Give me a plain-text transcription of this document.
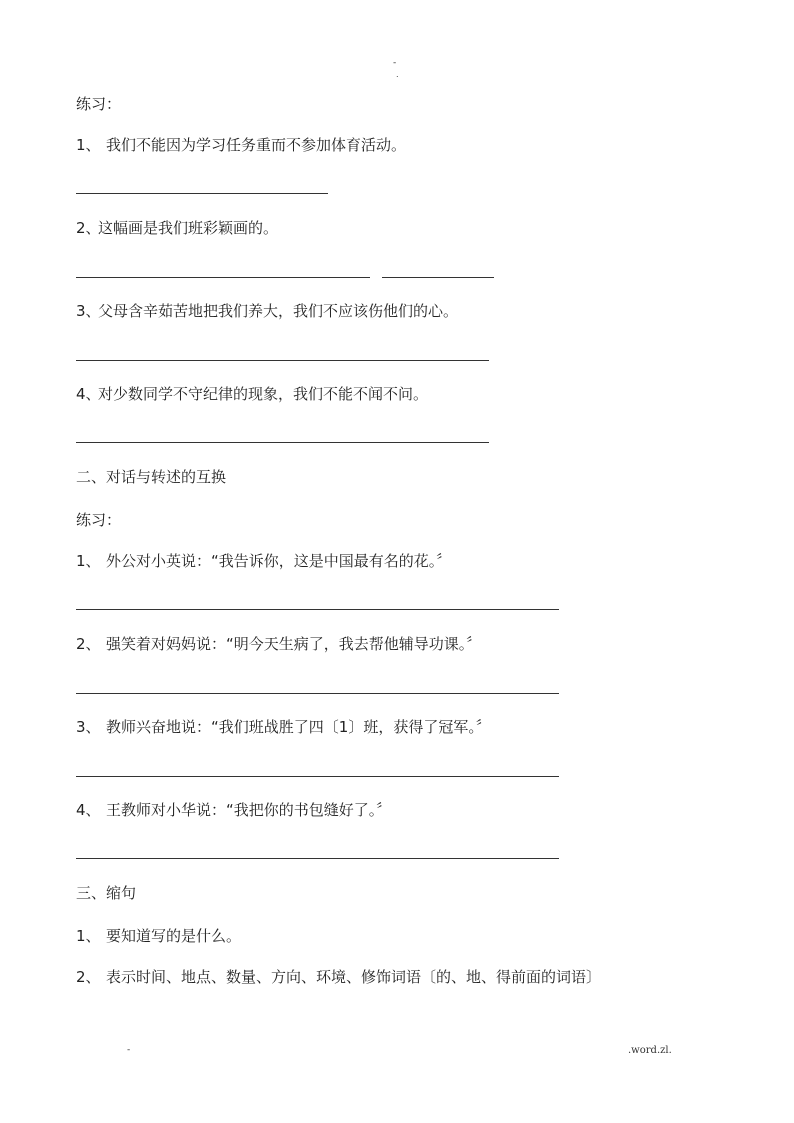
-
.
练习：
1、 我们不能因为学习任务重而不参加体育活动。
2、这幅画是我们班彩颖画的。
3、父母含辛茹苦地把我们养大，我们不应该伤他们的心。
4、对少数同学不守纪律的现象，我们不能不闻不问。
二、对话与转述的互换
练习：
1、 外公对小英说：“我告诉你，这是中国最有名的花。〞
2、 强笑着对妈妈说：“明今天生病了，我去帮他辅导功课。〞
3、 教师兴奋地说：“我们班战胜了四〔1〕班，获得了冠军。〞
4、 王教师对小华说：“我把你的书包缝好了。〞
三、缩句
1、 要知道写的是什么。
2、 表示时间、地点、数量、方向、环境、修饰词语〔的、地、得前面的词语〕
-	.word.zl.
